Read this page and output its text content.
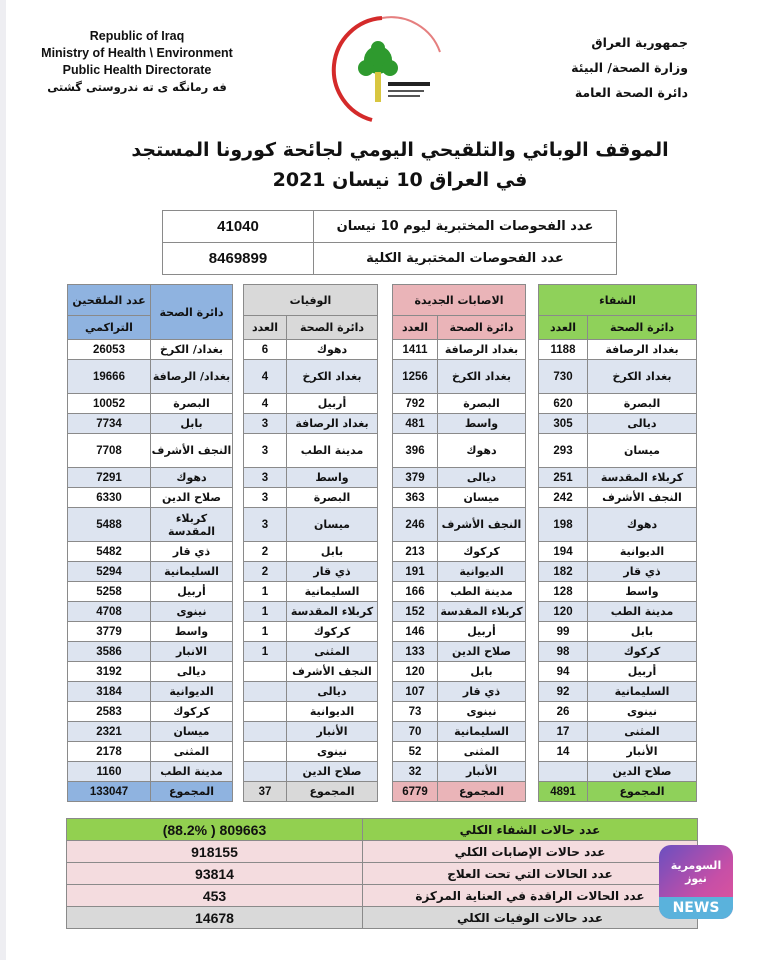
Republic of Iraq
Ministry of Health \ Environment
Public Health Directorate
فه رمانگه ی ته ندروستی گشتی
جمهورية العراق
وزارة الصحة/ البيئة
دائرة الصحة العامة
الموقف الوبائي والتلقيحي اليومي لجائحة كورونا المستجد
في العراق 10 نيسان 2021
41040	عدد الفحوصات المختبرية ليوم 10 نيسان
8469899	عدد الفحوصات المختبرية الكلية
الشفاء	
العدد	دائرة الصحة
1188	بغداد الرصافة
730	بغداد الكرخ
620	البصرة
305	ديالى
293	ميسان
251	كربلاء المقدسة
242	النجف الأشرف
198	دهوك
194	الديوانية
182	ذي قار
128	واسط
120	مدينة الطب
99	بابل
98	كركوك
94	أربيل
92	السليمانية
26	نينوى
17	المثنى
14	الأنبار
	صلاح الدين
4891	المجموع
الاصابات الجديدة	
العدد	دائرة الصحة
1411	بغداد الرصافة
1256	بغداد الكرخ
792	البصرة
481	واسط
396	دهوك
379	ديالى
363	ميسان
246	النجف الأشرف
213	كركوك
191	الديوانية
166	مدينة الطب
152	كربلاء المقدسة
146	أربيل
133	صلاح الدين
120	بابل
107	ذي قار
73	نينوى
70	السليمانية
52	المثنى
32	الأنبار
6779	المجموع
الوفيات	
العدد	دائرة الصحة
6	دهوك
4	بغداد الكرخ
4	أربيل
3	بغداد الرصافة
3	مدينة الطب
3	واسط
3	البصرة
3	ميسان
2	بابل
2	ذي قار
1	السليمانية
1	كربلاء المقدسة
1	كركوك
1	المثنى
	النجف الأشرف
	ديالى
	الديوانية
	الأنبار
	نينوى
	صلاح الدين
37	المجموع
عدد الملقحين	دائرة الصحة
التراكمي	
26053	بغداد/ الكرخ
19666	بغداد/ الرصافة
10052	البصرة
7734	بابل
7708	النجف الأشرف
7291	دهوك
6330	صلاح الدين
5488	كربلاء المقدسة
5482	ذي قار
5294	السليمانية
5258	أربيل
4708	نينوى
3779	واسط
3586	الانبار
3192	ديالى
3184	الديوانية
2583	كركوك
2321	ميسان
2178	المثنى
1160	مدينة الطب
133047	المجموع
(88.2% ) 809663	عدد حالات الشفاء الكلي
918155	عدد حالات الإصابات الكلي
93814	عدد الحالات التي تحت العلاج
453	عدد الحالات الراقدة في العناية المركزة
14678	عدد حالات الوفيات الكلي
السومرية نيوز
NEWS
